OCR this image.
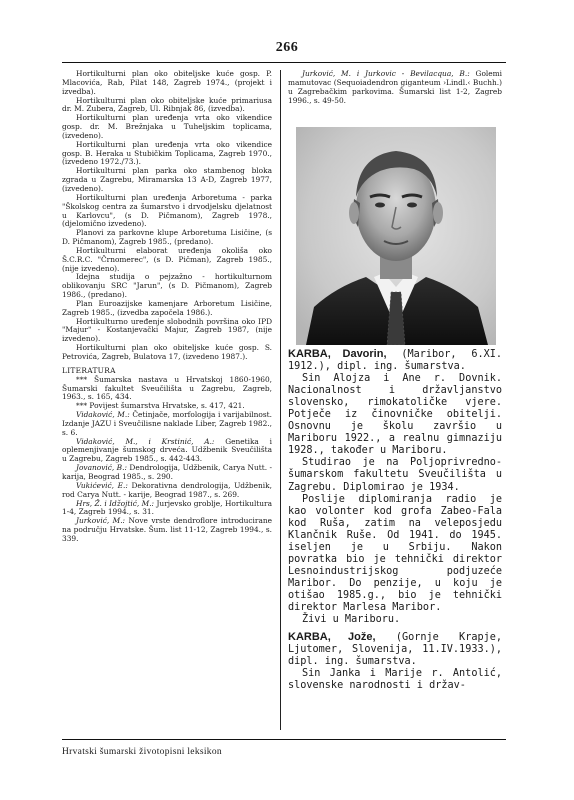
266

Hortikulturni plan oko obiteljske kuće gosp. P. Mlacovića, Rab, Pilat 148, Zagreb 1974., (projekt i izvedba).

Hortikulturni plan oko obiteljske kuće primariusa dr. M. Zubera, Zagreb, Ul. Ribnjak 86, (izvedba).

Hortikulturni plan uređenja vrta oko vikendice gosp. dr. M. Brežnjaka u Tuheljskim toplicama, (izvedeno).

Hortikulturni plan uređenja vrta oko vikendice gosp. B. Heraka u Stubičkim Toplicama, Zagreb 1970., (izvedeno 1972./73.).

Hortikulturni plan parka oko stambenog bloka zgrada u Zagrebu, Miramarska 13 A-D, Zagreb 1977, (izvedeno).

Hortikulturni plan uređenja Arboretuma - parka "Školskog centra za šumarstvo i drvodjelsku djelatnost u Karlovcu", (s D. Pičmanom), Zagreb 1978., (djelomično izvedeno).

Planovi za parkovne klupe Arboretuma Lisičine, (s D. Pičmanom), Zagreb 1985., (predano).

Hortikulturni elaborat uređenja okoliša oko Š.C.R.C. "Črnomerec", (s D. Pičman), Zagreb 1985., (nije izvedeno).

Idejna studija o pejzažno - hortikulturnom oblikovanju SRC "Jarun", (s D. Pičmanom), Zagreb 1986., (predano).

Plan Euroazijske kamenjare Arboretum Lisičine, Zagreb 1985., (izvedba započela 1986.).

Hortikulturno uređenje slobodnih površina oko IPD "Majur" - Kostanjevački Majur, Zagreb 1987, (nije izvedeno).

Hortikulturni plan oko obiteljske kuće gosp. S. Petrovića, Zagreb, Bulatova 17, (izvedeno 1987.).

LITERATURA

*** Šumarska nastava u Hrvatskoj 1860-1960, Šumarski fakultet Sveučilišta u Zagrebu, Zagreb, 1963., s. 165, 434.

*** Povijest šumarstva Hrvatske, s. 417, 421.

Vidaković, M.: Četinjače, morfologija i varijabilnost. Izdanje JAZU i Sveučilisne naklade Liber, Zagreb 1982., s. 6.

Vidaković, M., i Krstinić, A.: Genetika i oplemenjivanje šumskog drveća. Udžbenik Sveučilišta u Zagrebu, Zagreb 1985., s. 442-443.

Jovanović, B.: Dendrologija, Udžbenik, Carya Nutt. - karija, Beograd 1985., s. 290.

Vukićević, E.: Dekorativna dendrologija, Udžbenik, rod Carya Nutt. - karije, Beograd 1987., s. 269.

Hrs, Ž. i Idžojtić, M.: Jurjevsko groblje, Hortikultura 1-4, Zagreb 1994., s. 31.

Jurković, M.: Nove vrste dendroflore introducirane na području Hrvatske. Šum. list 11-12, Zagreb 1994., s. 339.

Jurković, M. i Jurkovic - Bevilacqua, B.: Golemi mamutovac (Sequoiadendron giganteum ›Lindl.‹ Buchh.) u Zagrebačkim parkovima. Šumarski list 1-2, Zagreb 1996., s. 49-50.

KARBA, Davorin, (Maribor, 6.XI. 1912.), dipl. ing. šumarstva.

Sin Alojza i Ane r. Dovnik. Nacionalnost i državljanstvo slovensko, rimokatoličke vjere. Potječe iz činovničke obitelji. Osnovnu je školu završio u Mariboru 1922., a realnu gimnaziju 1928., također u Mariboru.

Studirao je na Poljoprivredno-šumarskom fakultetu Sveučilišta u Zagrebu. Diplomirao je 1934.

Poslije diplomiranja radio je kao volonter kod grofa Zabeo-Fala kod Ruša, zatim na veleposjedu Klančnik Ruše. Od 1941. do 1945. iseljen je u Srbiju. Nakon povratka bio je tehnički direktor Lesnoindustrijskog podjuzeće Maribor. Do penzije, u koju je otišao 1985.g., bio je tehnički direktor Marlesa Maribor.

Živi u Mariboru.

KARBA, Jože, (Gornje Krapje, Ljutomer, Slovenija, 11.IV.1933.), dipl. ing. šumarstva.

Sin Janka i Marije r. Antolić, slovenske narodnosti i držav-

Hrvatski šumarski životopisni leksikon
